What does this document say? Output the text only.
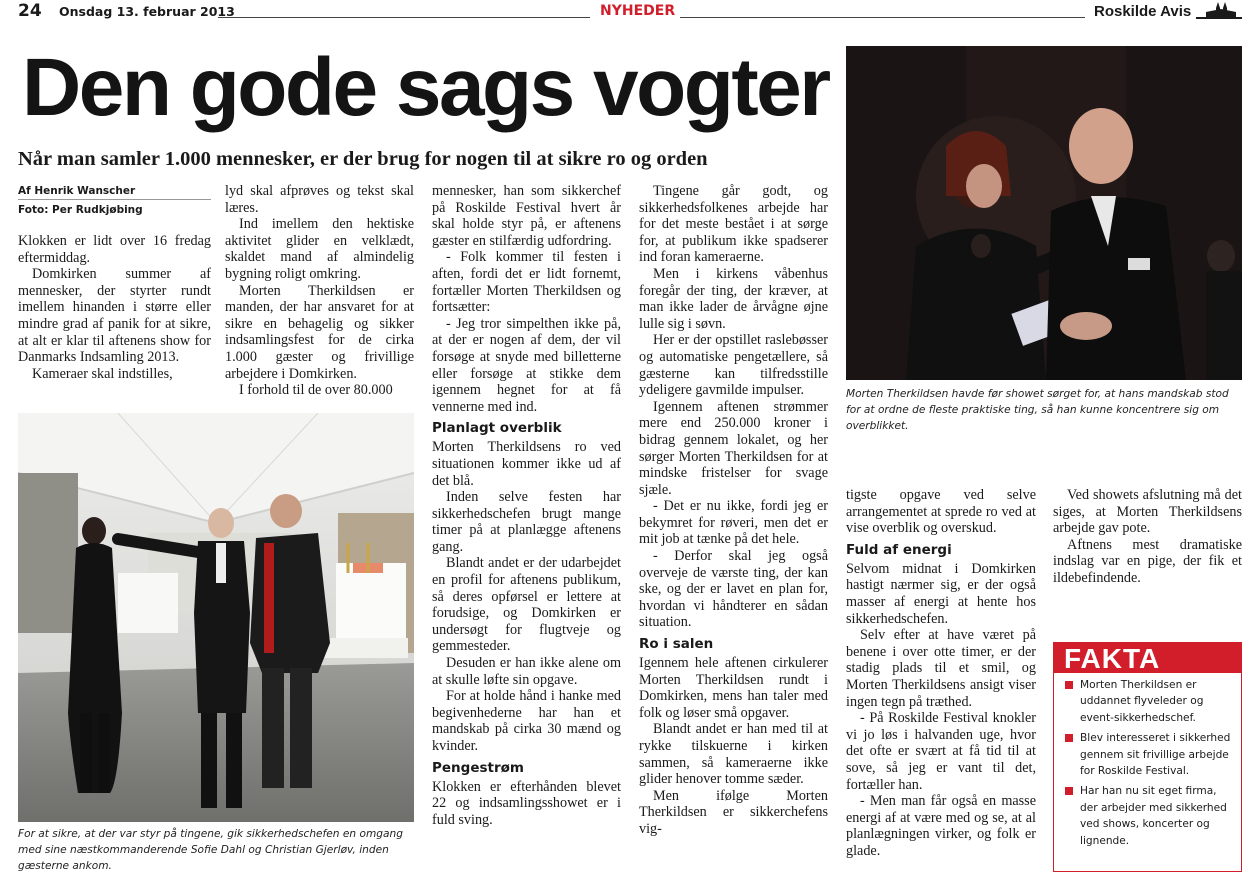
24 Onsdag 13. februar 2013	NYHEDER	Roskilde Avis
Den gode sags vogter
Når man samler 1.000 mennesker, er der brug for nogen til at sikre ro og orden
Af Henrik Wanscher
Foto: Per Rudkjøbing

Klokken er lidt over 16 fredag eftermiddag.

Domkirken summer af mennesker, der styrter rundt imellem hinanden i større eller mindre grad af panik for at sikre, at alt er klar til aftenens show for Danmarks Indsamling 2013.

Kameraer skal indstilles,

lyd skal afprøves og tekst skal læres.

Ind imellem den hektiske aktivitet glider en velklædt, skaldet mand af almindelig bygning roligt omkring.

Morten Therkildsen er manden, der har ansvaret for at sikre en behagelig og sikker indsamlingsfest for de cirka 1.000 gæster og frivillige arbejdere i Domkirken.

I forhold til de over 80.000

mennesker, han som sikkerchef på Roskilde Festival hvert år skal holde styr på, er aftenens gæster en stilfærdig udfordring.

- Folk kommer til festen i aften, fordi det er lidt fornemt, fortæller Morten Therkildsen og fortsætter:

- Jeg tror simpelthen ikke på, at der er nogen af dem, der vil forsøge at snyde med billetterne eller forsøge at stikke dem igennem hegnet for at få vennerne med ind.

Planlagt overblik

Morten Therkildsens ro ved situationen kommer ikke ud af det blå.

Inden selve festen har sikkerhedschefen brugt mange timer på at planlægge aftenens gang.

Blandt andet er der udarbejdet en profil for aftenens publikum, så deres opførsel er lettere at forudsige, og Domkirken er undersøgt for flugtveje og gemmesteder.

Desuden er han ikke alene om at skulle løfte sin opgave.

For at holde hånd i hanke med begivenhederne har han et mandskab på cirka 30 mænd og kvinder.

Pengestrøm

Klokken er efterhånden blevet 22 og indsamlingsshowet er i fuld sving.

Tingene går godt, og sikkerhedsfolkenes arbejde har for det meste bestået i at sørge for, at publikum ikke spadserer ind foran kameraerne.

Men i kirkens våbenhus foregår der ting, der kræver, at man ikke lader de årvågne øjne lulle sig i søvn.

Her er der opstillet raslebøsser og automatiske pengetællere, så gæsterne kan tilfredsstille ydeligere gavmilde impulser.

Igennem aftenen strømmer mere end 250.000 kroner i bidrag gennem lokalet, og her sørger Morten Therkildsen for at mindske fristelser for svage sjæle.

- Det er nu ikke, fordi jeg er bekymret for røveri, men det er mit job at tænke på det hele.

- Derfor skal jeg også overveje de værste ting, der kan ske, og der er lavet en plan for, hvordan vi håndterer en sådan situation.

Ro i salen

Igennem hele aftenen cirkulerer Morten Therkildsen rundt i Domkirken, mens han taler med folk og løser små opgaver.

Blandt andet er han med til at rykke tilskuerne i kirken sammen, så kameraerne ikke glider henover tomme sæder.

Men ifølge Morten Therkildsen er sikkerchefens vig-

tigste opgave ved selve arrangementet at sprede ro ved at vise overblik og overskud.

Fuld af energi

Selvom midnat i Domkirken hastigt nærmer sig, er der også masser af energi at hente hos sikkerhedschefen.

Selv efter at have været på benene i over otte timer, er der stadig plads til et smil, og Morten Therkildsens ansigt viser ingen tegn på træthed.

- På Roskilde Festival knokler vi jo løs i halvanden uge, hvor det ofte er svært at få tid til at sove, så jeg er vant til det, fortæller han.

- Men man får også en masse energi af at være med og se, at al planlægningen virker, og folk er glade.

Ved showets afslutning må det siges, at Morten Therkildsens arbejde gav pote.

Aftnens mest dramatiske indslag var en pige, der fik et ildebefindende.

For at sikre, at der var styr på tingene, gik sikkerhedschefen en omgang med sine næstkommanderende Sofie Dahl og Christian Gjerløv, inden gæsterne ankom.
Morten Therkildsen havde før showet sørget for, at hans mandskab stod for at ordne de fleste praktiske ting, så han kunne koncentrere sig om overblikket.
FAKTA
Morten Therkildsen er uddannet flyveleder og event-sikkerhedschef.
Blev interesseret i sikkerhed gennem sit frivillige arbejde for Roskilde Festival.
Har han nu sit eget firma, der arbejder med sikkerhed ved shows, koncerter og lignende.
